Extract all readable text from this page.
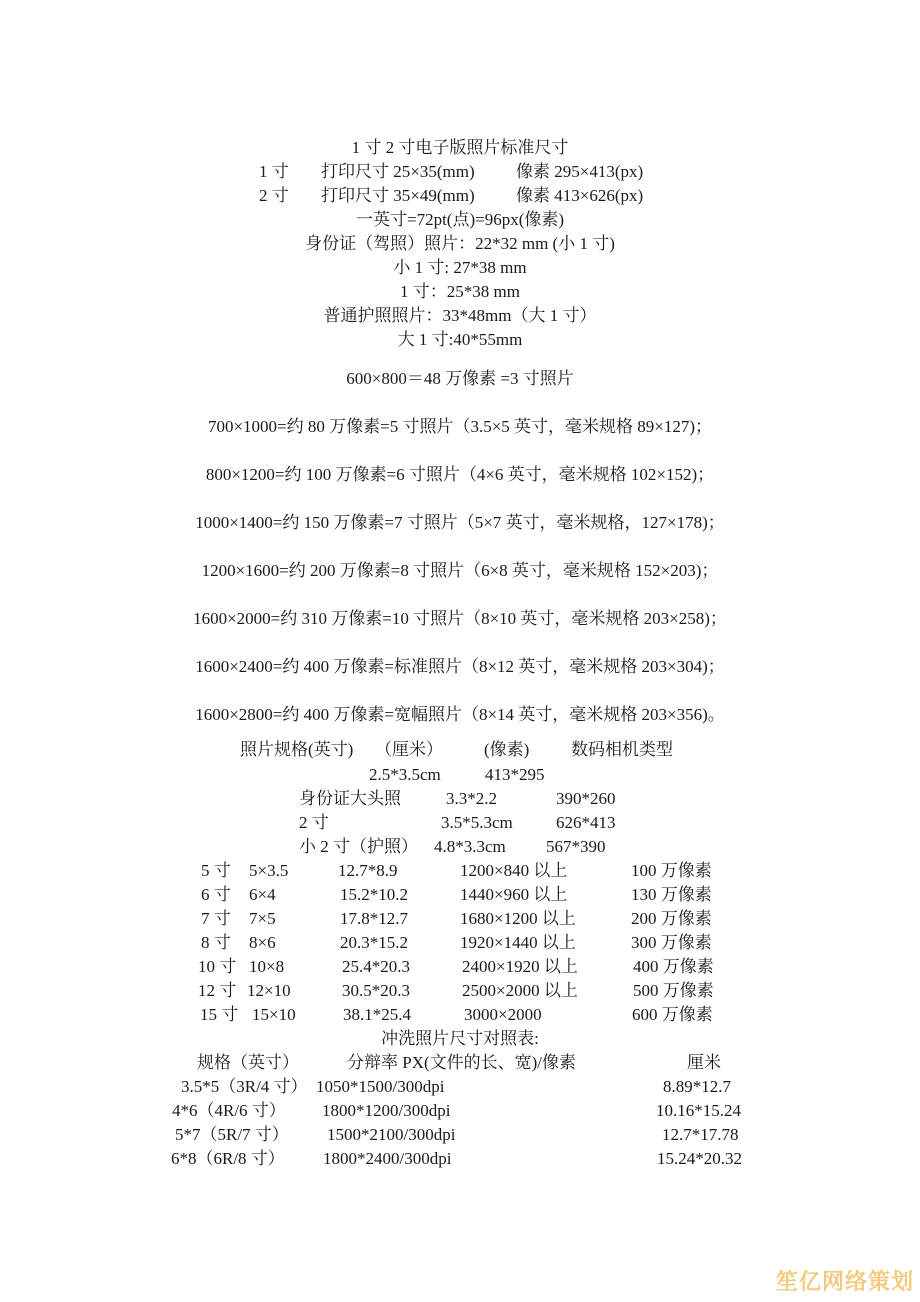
1 寸 2 寸电子版照片标准尺寸
1 寸 打印尺寸 25×35(mm) 像素 295×413(px)
2 寸 打印尺寸 35×49(mm) 像素 413×626(px)
一英寸=72pt(点)=96px(像素)
身份证（驾照）照片：22*32 mm (小 1 寸)
小 1 寸: 27*38 mm
1 寸：25*38 mm
普通护照照片：33*48mm（大 1 寸）
大 1 寸:40*55mm
600×800＝48 万像素 =3 寸照片
700×1000=约 80 万像素=5 寸照片（3.5×5 英寸，毫米规格 89×127)；
800×1200=约 100 万像素=6 寸照片（4×6 英寸，毫米规格 102×152)；
1000×1400=约 150 万像素=7 寸照片（5×7 英寸，毫米规格，127×178)；
1200×1600=约 200 万像素=8 寸照片（6×8 英寸，毫米规格 152×203)；
1600×2000=约 310 万像素=10 寸照片（8×10 英寸，毫米规格 203×258)；
1600×2400=约 400 万像素=标准照片（8×12 英寸，毫米规格 203×304)；
1600×2800=约 400 万像素=宽幅照片（8×14 英寸，毫米规格 203×356)。
照片规格(英寸) （厘米） (像素) 数码相机类型
2.5*3.5cm	413*295
身份证大头照	3.3*2.2	390*260
2 寸	3.5*5.3cm	626*413
小 2 寸（护照） 4.8*3.3cm 567*390
5 寸 5×3.5	12.7*8.9	1200×840 以上	100 万像素
6 寸 6×4	15.2*10.2	1440×960 以上	130 万像素
7 寸 7×5	17.8*12.7	1680×1200 以上	200 万像素
8 寸 8×6	20.3*15.2	1920×1440 以上	300 万像素
10 寸 10×8	25.4*20.3	2400×1920 以上	400 万像素
12 寸 12×10	30.5*20.3	2500×2000 以上	500 万像素
15 寸 15×10	38.1*25.4	3000×2000	600 万像素
冲洗照片尺寸对照表:
规格（英寸）	分辩率 PX(文件的长、宽)/像素	厘米
3.5*5（3R/4 寸） 1050*1500/300dpi	8.89*12.7
4*6（4R/6 寸） 1800*1200/300dpi	10.16*15.24
5*7（5R/7 寸） 1500*2100/300dpi	12.7*17.78
6*8（6R/8 寸） 1800*2400/300dpi	15.24*20.32
笙亿网络策划
